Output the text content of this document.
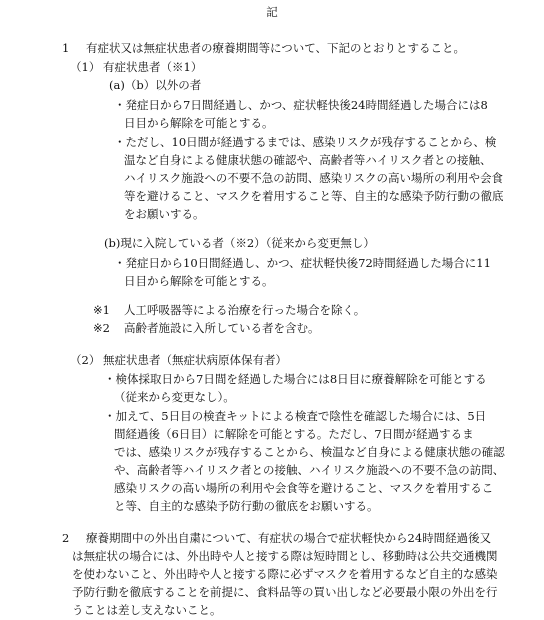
記
1 有症状又は無症状患者の療養期間等について、下記のとおりとすること。
（1） 有症状患者（※1）
(a)（b）以外の者
・発症日から7日間経過し、かつ、症状軽快後24時間経過した場合には8
日目から解除を可能とする。
・ただし、10日間が経過するまでは、感染リスクが残存することから、検
温など自身による健康状態の確認や、高齢者等ハイリスク者との接触、
ハイリスク施設への不要不急の訪問、感染リスクの高い場所の利用や会食
等を避けること、マスクを着用すること等、自主的な感染予防行動の徹底
をお願いする。
(b)現に入院している者（※2）（従来から変更無し）
・発症日から10日間経過し、かつ、症状軽快後72時間経過した場合に11
日目から解除を可能とする。
※1 人工呼吸器等による治療を行った場合を除く。
※2 高齢者施設に入所している者を含む。
（2） 無症状患者（無症状病原体保有者）
・検体採取日から7日間を経過した場合には8日目に療養解除を可能とする
（従来から変更なし）。
・加えて、5日目の検査キットによる検査で陰性を確認した場合には、5日
間経過後（6日目）に解除を可能とする。ただし、7日間が経過するま
では、感染リスクが残存することから、検温など自身による健康状態の確認
や、高齢者等ハイリスク者との接触、ハイリスク施設への不要不急の訪問、
感染リスクの高い場所の利用や会食等を避けること、マスクを着用するこ
と等、自主的な感染予防行動の徹底をお願いする。
2 療養期間中の外出自粛について、有症状の場合で症状軽快から24時間経過後又
は無症状の場合には、外出時や人と接する際は短時間とし、移動時は公共交通機関
を使わないこと、外出時や人と接する際に必ずマスクを着用するなど自主的な感染
予防行動を徹底することを前提に、食料品等の買い出しなど必要最小限の外出を行
うことは差し支えないこと。
